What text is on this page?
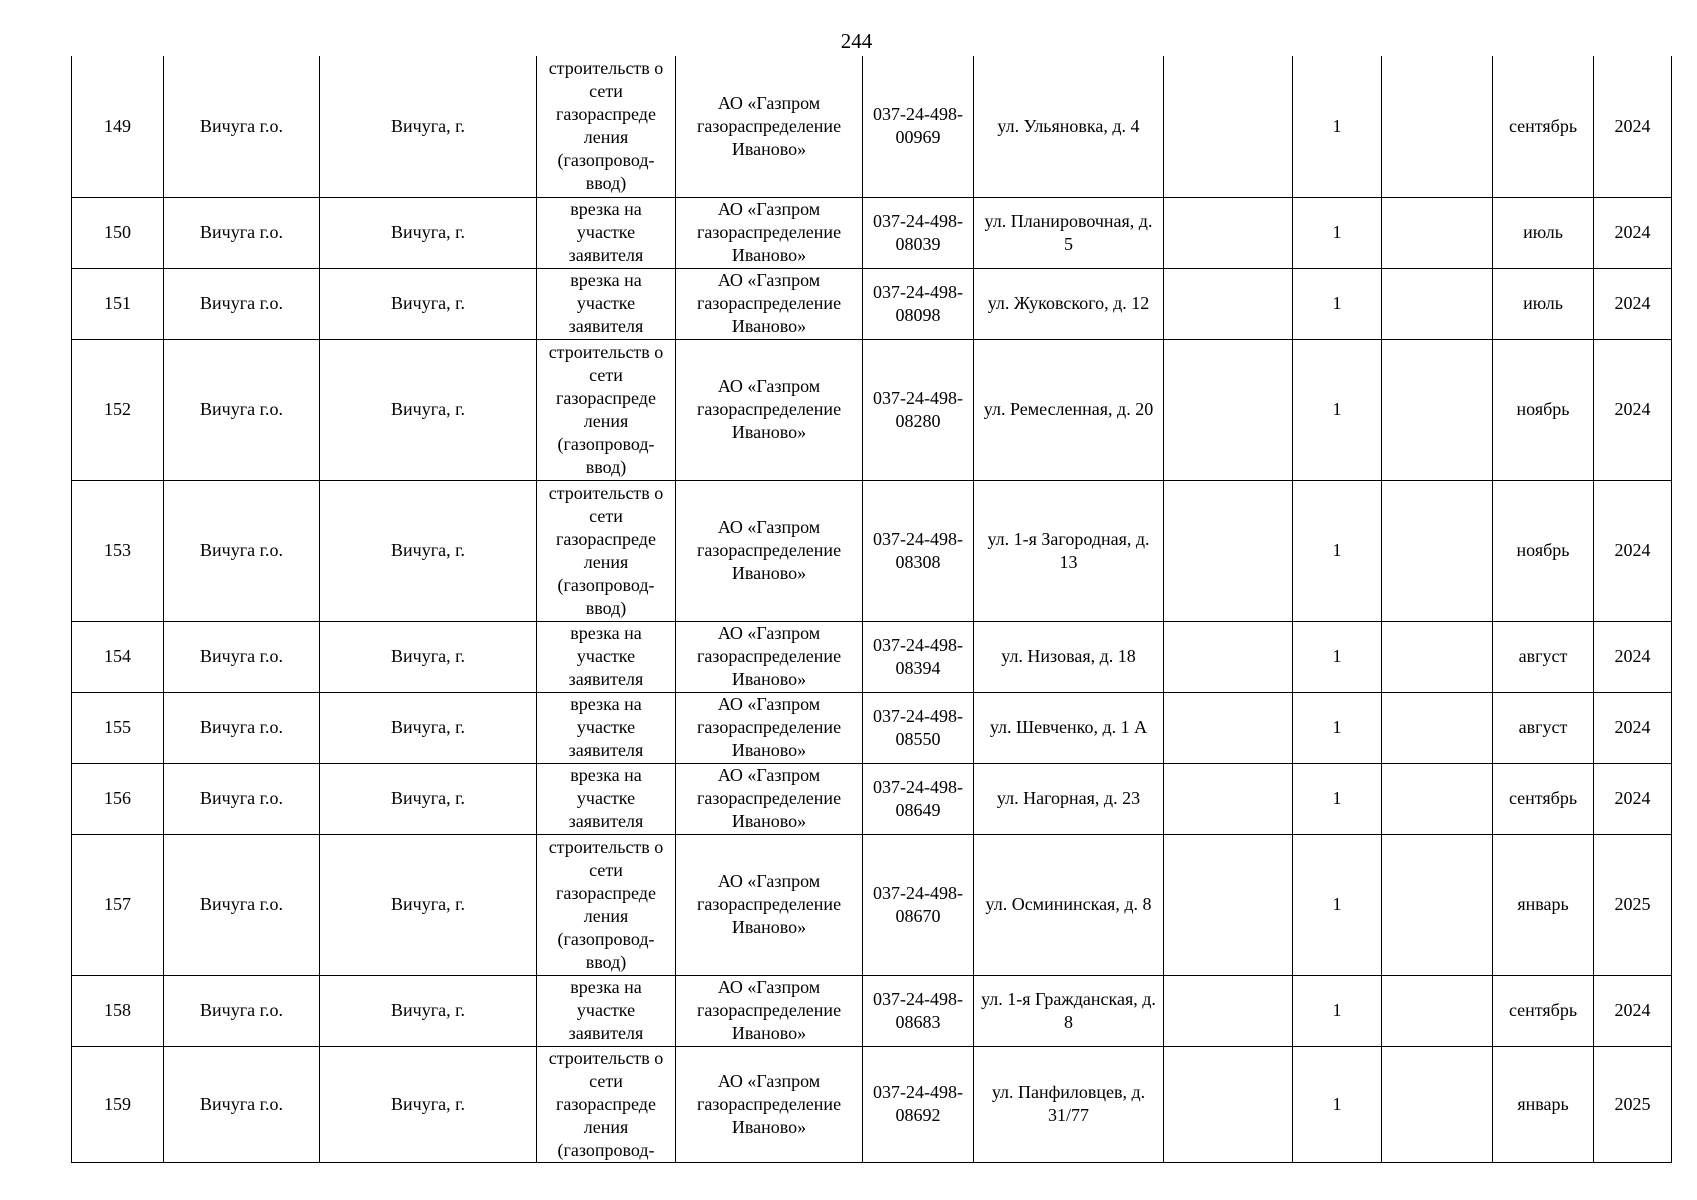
244
149	Вичуга г.о.	Вичуга, г.	строительств о сети газораспреде ления (газопровод-ввод)	АО «Газпром газораспределение Иваново»	037-24-498-00969	ул. Ульяновка, д. 4		1		сентябрь	2024

150	Вичуга г.о.	Вичуга, г.	врезка на участке заявителя	АО «Газпром газораспределение Иваново»	037-24-498-08039	ул. Планировочная, д. 5		1		июль	2024

151	Вичуга г.о.	Вичуга, г.	врезка на участке заявителя	АО «Газпром газораспределение Иваново»	037-24-498-08098	ул. Жуковского, д. 12		1		июль	2024

152	Вичуга г.о.	Вичуга, г.	строительств о сети газораспреде ления (газопровод-ввод)	АО «Газпром газораспределение Иваново»	037-24-498-08280	ул. Ремесленная, д. 20		1		ноябрь	2024

153	Вичуга г.о.	Вичуга, г.	строительств о сети газораспреде ления (газопровод-ввод)	АО «Газпром газораспределение Иваново»	037-24-498-08308	ул. 1-я Загородная, д. 13		1		ноябрь	2024

154	Вичуга г.о.	Вичуга, г.	врезка на участке заявителя	АО «Газпром газораспределение Иваново»	037-24-498-08394	ул. Низовая, д. 18		1		август	2024

155	Вичуга г.о.	Вичуга, г.	врезка на участке заявителя	АО «Газпром газораспределение Иваново»	037-24-498-08550	ул. Шевченко, д. 1 А		1		август	2024

156	Вичуга г.о.	Вичуга, г.	врезка на участке заявителя	АО «Газпром газораспределение Иваново»	037-24-498-08649	ул. Нагорная, д. 23		1		сентябрь	2024

157	Вичуга г.о.	Вичуга, г.	строительств о сети газораспреде ления (газопровод-ввод)	АО «Газпром газораспределение Иваново»	037-24-498-08670	ул. Осмининская, д. 8		1		январь	2025

158	Вичуга г.о.	Вичуга, г.	врезка на участке заявителя	АО «Газпром газораспределение Иваново»	037-24-498-08683	ул. 1-я Гражданская, д. 8		1		сентябрь	2024

159	Вичуга г.о.	Вичуга, г.	строительств о сети газораспреде ления (газопровод-	АО «Газпром газораспределение Иваново»	037-24-498-08692	ул. Панфиловцев, д. 31/77		1		январь	2025
